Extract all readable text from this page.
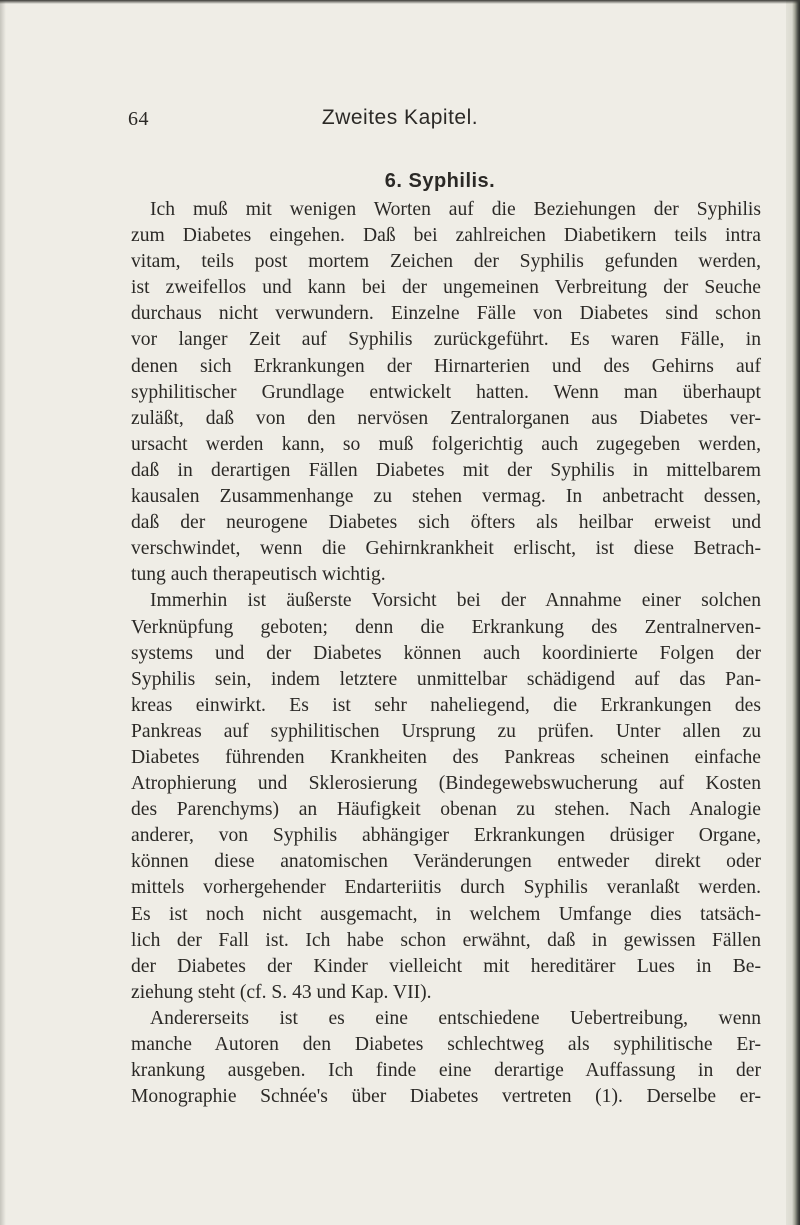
64	Zweites Kapitel.
6. Syphilis.
Ich muß mit wenigen Worten auf die Beziehungen der Syphilis
zum Diabetes eingehen. Daß bei zahlreichen Diabetikern teils intra
vitam, teils post mortem Zeichen der Syphilis gefunden werden,
ist zweifellos und kann bei der ungemeinen Verbreitung der Seuche
durchaus nicht verwundern. Einzelne Fälle von Diabetes sind schon
vor langer Zeit auf Syphilis zurückgeführt. Es waren Fälle, in
denen sich Erkrankungen der Hirnarterien und des Gehirns auf
syphilitischer Grundlage entwickelt hatten. Wenn man überhaupt
zuläßt, daß von den nervösen Zentralorganen aus Diabetes ver-
ursacht werden kann, so muß folgerichtig auch zugegeben werden,
daß in derartigen Fällen Diabetes mit der Syphilis in mittelbarem
kausalen Zusammenhange zu stehen vermag. In anbetracht dessen,
daß der neurogene Diabetes sich öfters als heilbar erweist und
verschwindet, wenn die Gehirnkrankheit erlischt, ist diese Betrach-
tung auch therapeutisch wichtig.
Immerhin ist äußerste Vorsicht bei der Annahme einer solchen
Verknüpfung geboten; denn die Erkrankung des Zentralnerven-
systems und der Diabetes können auch koordinierte Folgen der
Syphilis sein, indem letztere unmittelbar schädigend auf das Pan-
kreas einwirkt. Es ist sehr naheliegend, die Erkrankungen des
Pankreas auf syphilitischen Ursprung zu prüfen. Unter allen zu
Diabetes führenden Krankheiten des Pankreas scheinen einfache
Atrophierung und Sklerosierung (Bindegewebswucherung auf Kosten
des Parenchyms) an Häufigkeit obenan zu stehen. Nach Analogie
anderer, von Syphilis abhängiger Erkrankungen drüsiger Organe,
können diese anatomischen Veränderungen entweder direkt oder
mittels vorhergehender Endarteriitis durch Syphilis veranlaßt werden.
Es ist noch nicht ausgemacht, in welchem Umfange dies tatsäch-
lich der Fall ist. Ich habe schon erwähnt, daß in gewissen Fällen
der Diabetes der Kinder vielleicht mit hereditärer Lues in Be-
ziehung steht (cf. S. 43 und Kap. VII).
Andererseits ist es eine entschiedene Uebertreibung, wenn
manche Autoren den Diabetes schlechtweg als syphilitische Er-
krankung ausgeben. Ich finde eine derartige Auffassung in der
Monographie Schnée's über Diabetes vertreten (1). Derselbe er-
